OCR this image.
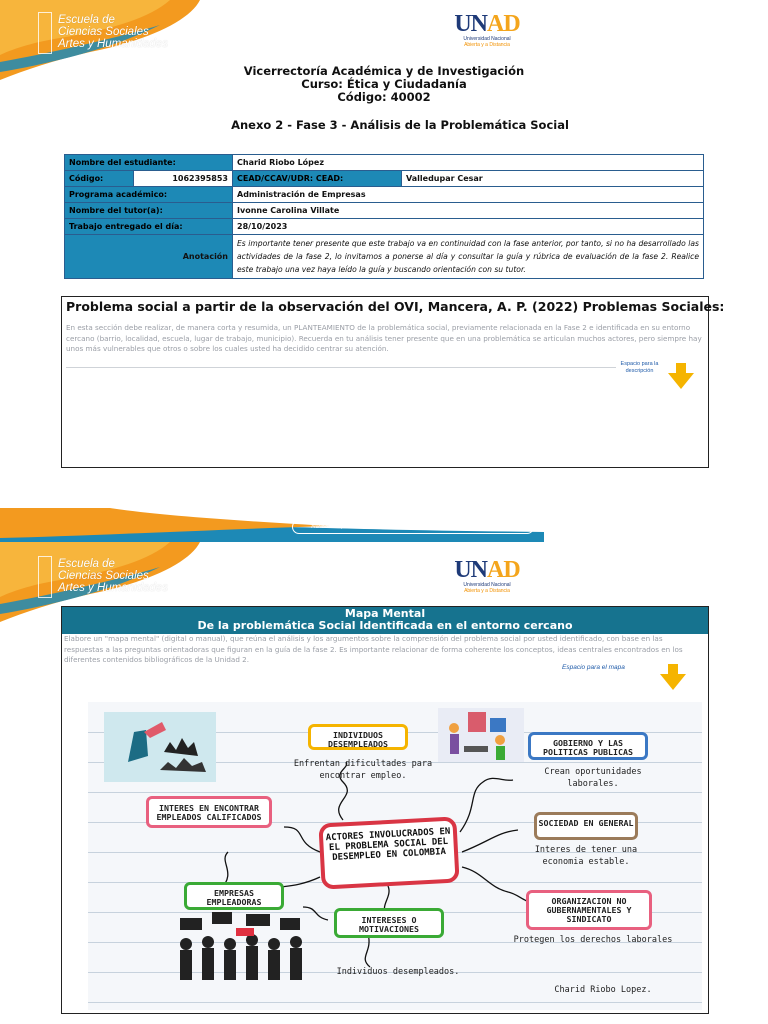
Escuela de
Ciencias Sociales
Artes y Humanidades
UNAD
Universidad Nacional
Abierta y a Distancia
Vicerrectoría Académica y de Investigación
Curso: Ética y Ciudadanía
Código: 40002
Anexo 2 - Fase 3 - Análisis de la Problemática Social
Nombre del estudiante:		Charid Riobo López	
Código:	1062395853	CEAD/CCAV/UDR: CEAD:	Valledupar Cesar
Programa académico:		Administración de Empresas	
Nombre del tutor(a):		Ivonne Carolina Villate	
Trabajo entregado el día:		28/10/2023	
Anotación		Es importante tener presente que este trabajo va en continuidad con la fase anterior, por tanto, si no ha desarrollado las actividades de la fase 2, lo invitamos a ponerse al día y consultar la guía y rúbrica de evaluación de la fase 2. Realice este trabajo una vez haya leído la guía y buscando orientación con su tutor.	
Problema social a partir de la observación del OVI, Mancera, A. P. (2022) Problemas Sociales:
En esta sección debe realizar, de manera corta y resumida, un PLANTEAMIENTO de la problemática social, previamente relacionada en la Fase 2 e identificada en su entorno cercano (barrio, localidad, escuela, lugar de trabajo, municipio). Recuerda en tu análisis tener presente que en una problemática se articulan muchos actores, pero siempre hay unos más vulnerables que otros o sobre los cuales usted ha decidido centrar su atención.
Espacio para la
descripción
Prohibida su reproducción y copia sin autorización de la UNAD. // UNAD © 2020 derechos reservados
Escuela de
Ciencias Sociales
Artes y Humanidades
UNAD
Universidad Nacional
Abierta y a Distancia
Mapa Mental
De la problemática Social Identificada en el entorno cercano
Elabore un "mapa mental" (digital o manual), que reúna el análisis y los argumentos sobre la comprensión del problema social por usted identificado, con base en las respuestas a las preguntas orientadoras que figuran en la guía de la fase 2. Es importante relacionar de forma coherente los conceptos, ideas centrales encontrados en los diferentes contenidos bibliográficos de la Unidad 2.
Espacio para el mapa
ACTORES INVOLUCRADOS EN EL PROBLEMA SOCIAL DEL DESEMPLEO EN COLOMBIA
INDIVIDUOS DESEMPLEADOS
Enfrentan dificultades para encontrar empleo.
GOBIERNO Y LAS POLITICAS PUBLICAS
Crean oportunidades laborales.
INTERES EN ENCONTRAR EMPLEADOS CALIFICADOS
SOCIEDAD EN GENERAL
Interes de tener una economia estable.
EMPRESAS EMPLEADORAS
INTERESES O MOTIVACIONES
Individuos desempleados.
ORGANIZACION NO GUBERNAMENTALES Y SINDICATO
Protegen los derechos laborales
Charid Riobo Lopez.
